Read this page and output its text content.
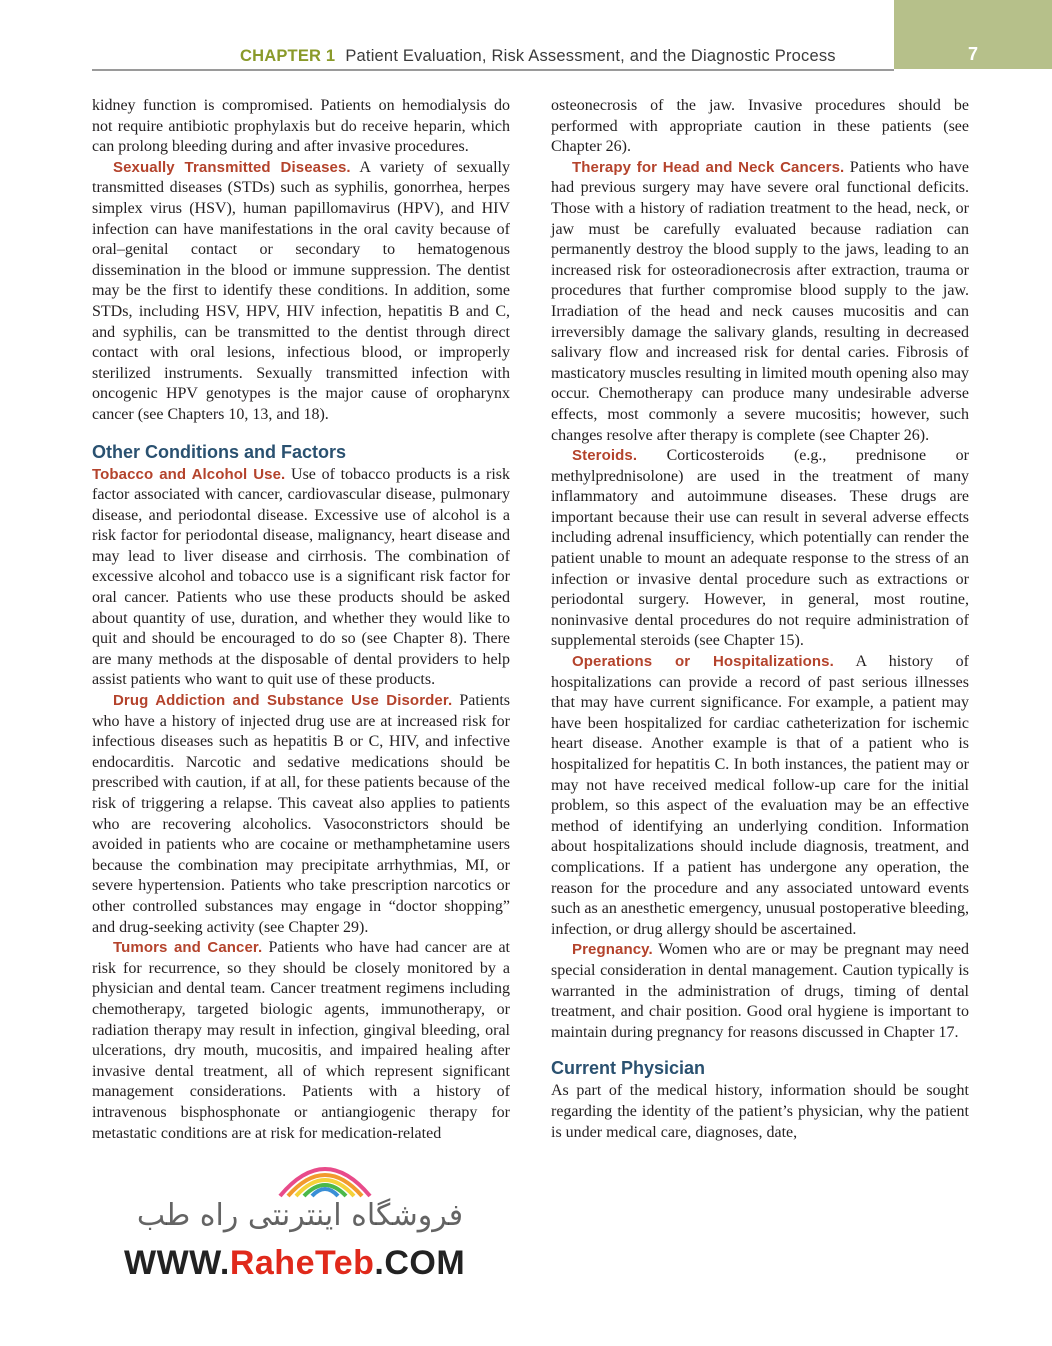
CHAPTER 1 Patient Evaluation, Risk Assessment, and the Diagnostic Process	7

kidney function is compromised. Patients on hemodialysis do not require antibiotic prophylaxis but do receive heparin, which can prolong bleeding during and after invasive procedures.

Sexually Transmitted Diseases. A variety of sexually transmitted diseases (STDs) such as syphilis, gonorrhea, herpes simplex virus (HSV), human papillomavirus (HPV), and HIV infection can have manifestations in the oral cavity because of oral–genital contact or secondary to hematogenous dissemination in the blood or immune suppression. The dentist may be the first to identify these conditions. In addition, some STDs, including HSV, HPV, HIV infection, hepatitis B and C, and syphilis, can be transmitted to the dentist through direct contact with oral lesions, infectious blood, or improperly sterilized instruments. Sexually transmitted infection with oncogenic HPV genotypes is the major cause of oropharynx cancer (see Chapters 10, 13, and 18).

Other Conditions and Factors

Tobacco and Alcohol Use. Use of tobacco products is a risk factor associated with cancer, cardiovascular disease, pulmonary disease, and periodontal disease. Excessive use of alcohol is a risk factor for periodontal disease, malignancy, heart disease and may lead to liver disease and cirrhosis. The combination of excessive alcohol and tobacco use is a significant risk factor for oral cancer. Patients who use these products should be asked about quantity of use, duration, and whether they would like to quit and should be encouraged to do so (see Chapter 8). There are many methods at the disposable of dental providers to help assist patients who want to quit use of these products.

Drug Addiction and Substance Use Disorder. Patients who have a history of injected drug use are at increased risk for infectious diseases such as hepatitis B or C, HIV, and infective endocarditis. Narcotic and sedative medications should be prescribed with caution, if at all, for these patients because of the risk of triggering a relapse. This caveat also applies to patients who are recovering alcoholics. Vasoconstrictors should be avoided in patients who are cocaine or methamphetamine users because the combination may precipitate arrhythmias, MI, or severe hypertension. Patients who take prescription narcotics or other controlled substances may engage in “doctor shopping” and drug-seeking activity (see Chapter 29).

Tumors and Cancer. Patients who have had cancer are at risk for recurrence, so they should be closely monitored by a physician and dental team. Cancer treatment regimens including chemotherapy, targeted biologic agents, immunotherapy, or radiation therapy may result in infection, gingival bleeding, oral ulcerations, dry mouth, mucositis, and impaired healing after invasive dental treatment, all of which represent significant management considerations. Patients with a history of intravenous bisphosphonate or antiangiogenic therapy for metastatic conditions are at risk for medication-related

osteonecrosis of the jaw. Invasive procedures should be performed with appropriate caution in these patients (see Chapter 26).

Therapy for Head and Neck Cancers. Patients who have had previous surgery may have severe oral functional deficits. Those with a history of radiation treatment to the head, neck, or jaw must be carefully evaluated because radiation can permanently destroy the blood supply to the jaws, leading to an increased risk for osteoradionecrosis after extraction, trauma or procedures that further compromise blood supply to the jaw. Irradiation of the head and neck causes mucositis and can irreversibly damage the salivary glands, resulting in decreased salivary flow and increased risk for dental caries. Fibrosis of masticatory muscles resulting in limited mouth opening also may occur. Chemotherapy can produce many undesirable adverse effects, most commonly a severe mucositis; however, such changes resolve after therapy is complete (see Chapter 26).

Steroids. Corticosteroids (e.g., prednisone or methylprednisolone) are used in the treatment of many inflammatory and autoimmune diseases. These drugs are important because their use can result in several adverse effects including adrenal insufficiency, which potentially can render the patient unable to mount an adequate response to the stress of an infection or invasive dental procedure such as extractions or periodontal surgery. However, in general, most routine, noninvasive dental procedures do not require administration of supplemental steroids (see Chapter 15).

Operations or Hospitalizations. A history of hospitalizations can provide a record of past serious illnesses that may have current significance. For example, a patient may have been hospitalized for cardiac catheterization for ischemic heart disease. Another example is that of a patient who is hospitalized for hepatitis C. In both instances, the patient may or may not have received medical follow-up care for the initial problem, so this aspect of the evaluation may be an effective method of identifying an underlying condition. Information about hospitalizations should include diagnosis, treatment, and complications. If a patient has undergone any operation, the reason for the procedure and any associated untoward events such as an anesthetic emergency, unusual postoperative bleeding, infection, or drug allergy should be ascertained.

Pregnancy. Women who are or may be pregnant may need special consideration in dental management. Caution typically is warranted in the administration of drugs, timing of dental treatment, and chair position. Good oral hygiene is important to maintain during pregnancy for reasons discussed in Chapter 17.

Current Physician

As part of the medical history, information should be sought regarding the identity of the patient’s physician, why the patient is under medical care, diagnoses, date,

فروشگاه اینترنتی راه طب
WWW.RaheTeb.COM
